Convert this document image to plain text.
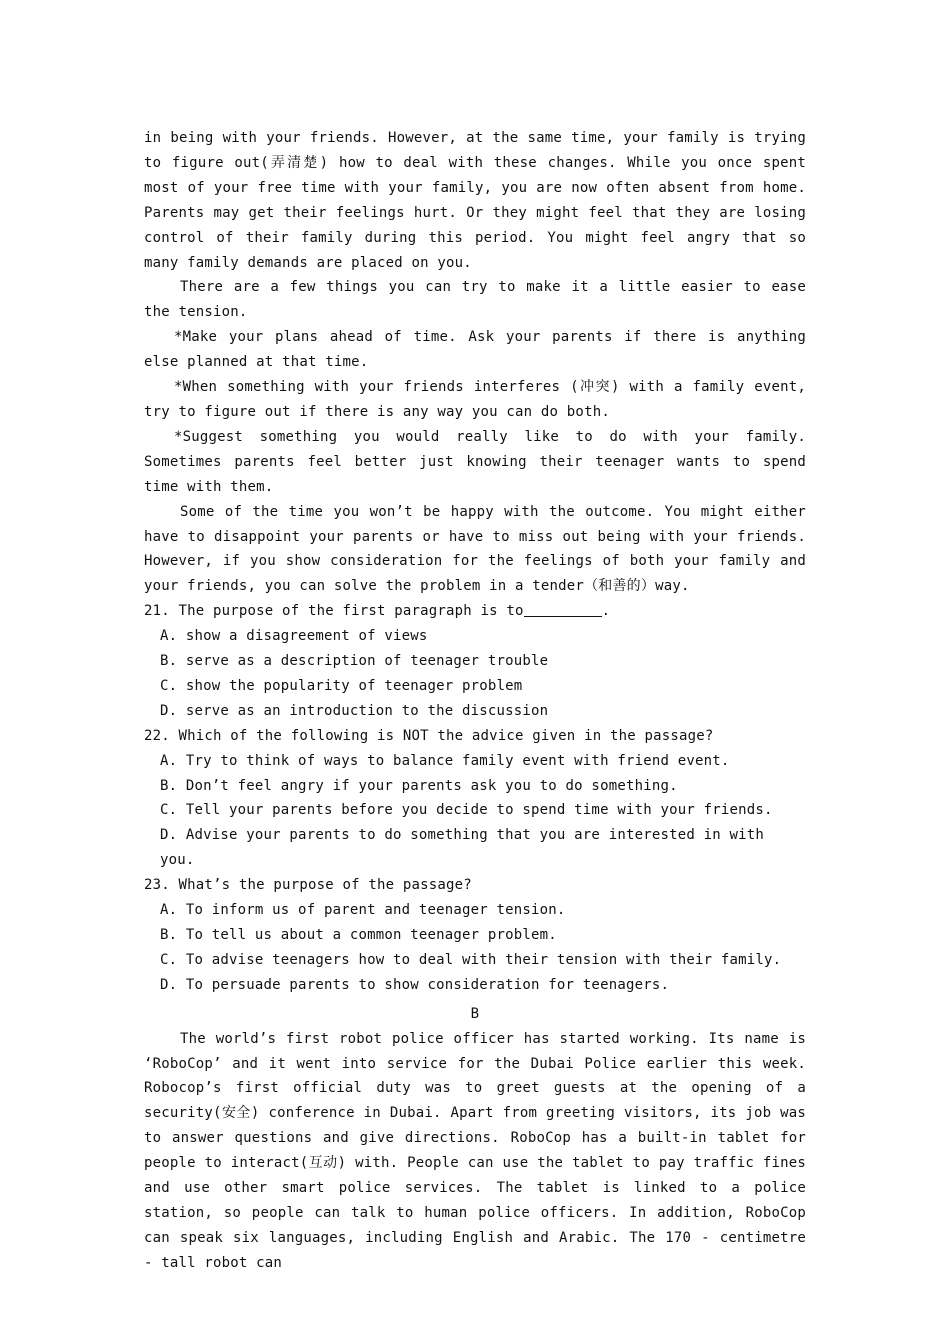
in being with your friends. However, at the same time, your family is trying to figure out(弄清楚) how to deal with these changes. While you once spent most of your free time with your family, you are now often absent from home. Parents may get their feelings hurt. Or they might feel that they are losing control of their family during this period. You might feel angry that so many family demands are placed on you.

There are a few things you can try to make it a little easier to ease the tension.

*Make your plans ahead of time. Ask your parents if there is anything else planned at that time.

*When something with your friends interferes (冲突) with a family event, try to figure out if there is any way you can do both.

*Suggest something you would really like to do with your family. Sometimes parents feel better just knowing their teenager wants to spend time with them.

Some of the time you won’t be happy with the outcome. You might either have to disappoint your parents or have to miss out being with your friends. However, if you show consideration for the feelings of both your family and your friends, you can solve the problem in a tender（和善的）way.

21. The purpose of the first paragraph is to	.

A. show a disagreement of views

B. serve as a description of teenager trouble

C. show the popularity of teenager problem

D. serve as an introduction to the discussion

22. Which of the following is NOT the advice given in the passage?

A. Try to think of ways to balance family event with friend event.

B. Don’t feel angry if your parents ask you to do something.

C. Tell your parents before you decide to spend time with your friends.

D. Advise your parents to do something that you are interested in with you.

23. What’s the purpose of the passage?

A. To inform us of parent and teenager tension.

B. To tell us about a common teenager problem.

C. To advise teenagers how to deal with their tension with their family.

D. To persuade parents to show consideration for teenagers.

B

The world’s first robot police officer has started working. Its name is ‘RoboCop’ and it went into service for the Dubai Police earlier this week. Robocop’s first official duty was to greet guests at the opening of a security(安全) conference in Dubai. Apart from greeting visitors, its job was to answer questions and give directions. RoboCop has a built-in tablet for people to interact(互动) with. People can use the tablet to pay traffic fines and use other smart police services. The tablet is linked to a police station, so people can talk to human police officers. In addition, RoboCop can speak six languages, including English and Arabic. The 170 - centimetre - tall robot can
